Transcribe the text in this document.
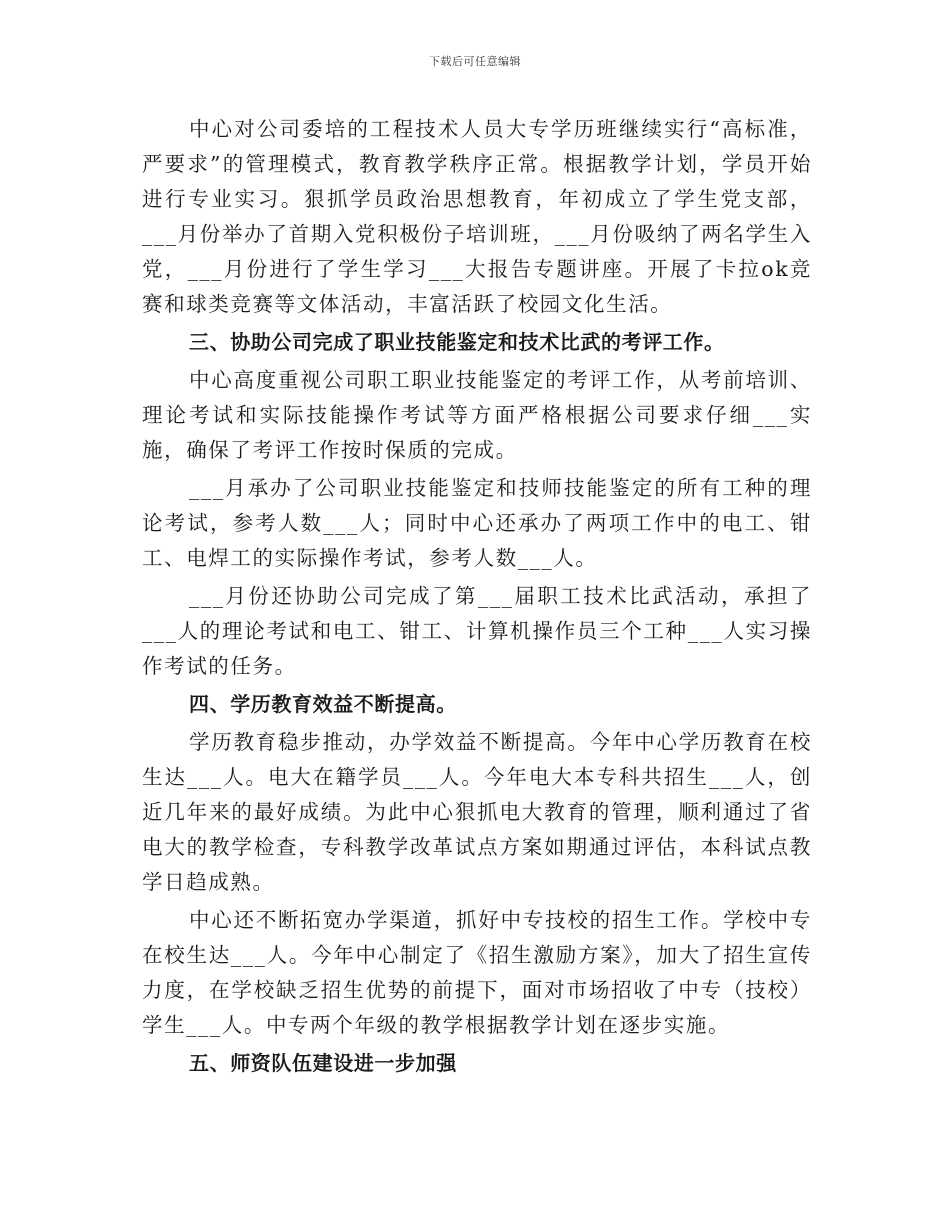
下载后可任意编辑

中心对公司委培的工程技术人员大专学历班继续实行“高标准，严要求”的管理模式，教育教学秩序正常。根据教学计划，学员开始进行专业实习。狠抓学员政治思想教育，年初成立了学生党支部，___月份举办了首期入党积极份子培训班，___月份吸纳了两名学生入党，___月份进行了学生学习___大报告专题讲座。开展了卡拉ok竞赛和球类竞赛等文体活动，丰富活跃了校园文化生活。

三、协助公司完成了职业技能鉴定和技术比武的考评工作。

中心高度重视公司职工职业技能鉴定的考评工作，从考前培训、理论考试和实际技能操作考试等方面严格根据公司要求仔细___实施，确保了考评工作按时保质的完成。

___月承办了公司职业技能鉴定和技师技能鉴定的所有工种的理论考试，参考人数___人；同时中心还承办了两项工作中的电工、钳工、电焊工的实际操作考试，参考人数___人。

___月份还协助公司完成了第___届职工技术比武活动，承担了___人的理论考试和电工、钳工、计算机操作员三个工种___人实习操作考试的任务。

四、学历教育效益不断提高。

学历教育稳步推动，办学效益不断提高。今年中心学历教育在校生达___人。电大在籍学员___人。今年电大本专科共招生___人，创近几年来的最好成绩。为此中心狠抓电大教育的管理，顺利通过了省电大的教学检查，专科教学改革试点方案如期通过评估，本科试点教学日趋成熟。

中心还不断拓宽办学渠道，抓好中专技校的招生工作。学校中专在校生达___人。今年中心制定了《招生激励方案》，加大了招生宣传力度，在学校缺乏招生优势的前提下，面对市场招收了中专（技校）学生___人。中专两个年级的教学根据教学计划在逐步实施。

五、师资队伍建设进一步加强
